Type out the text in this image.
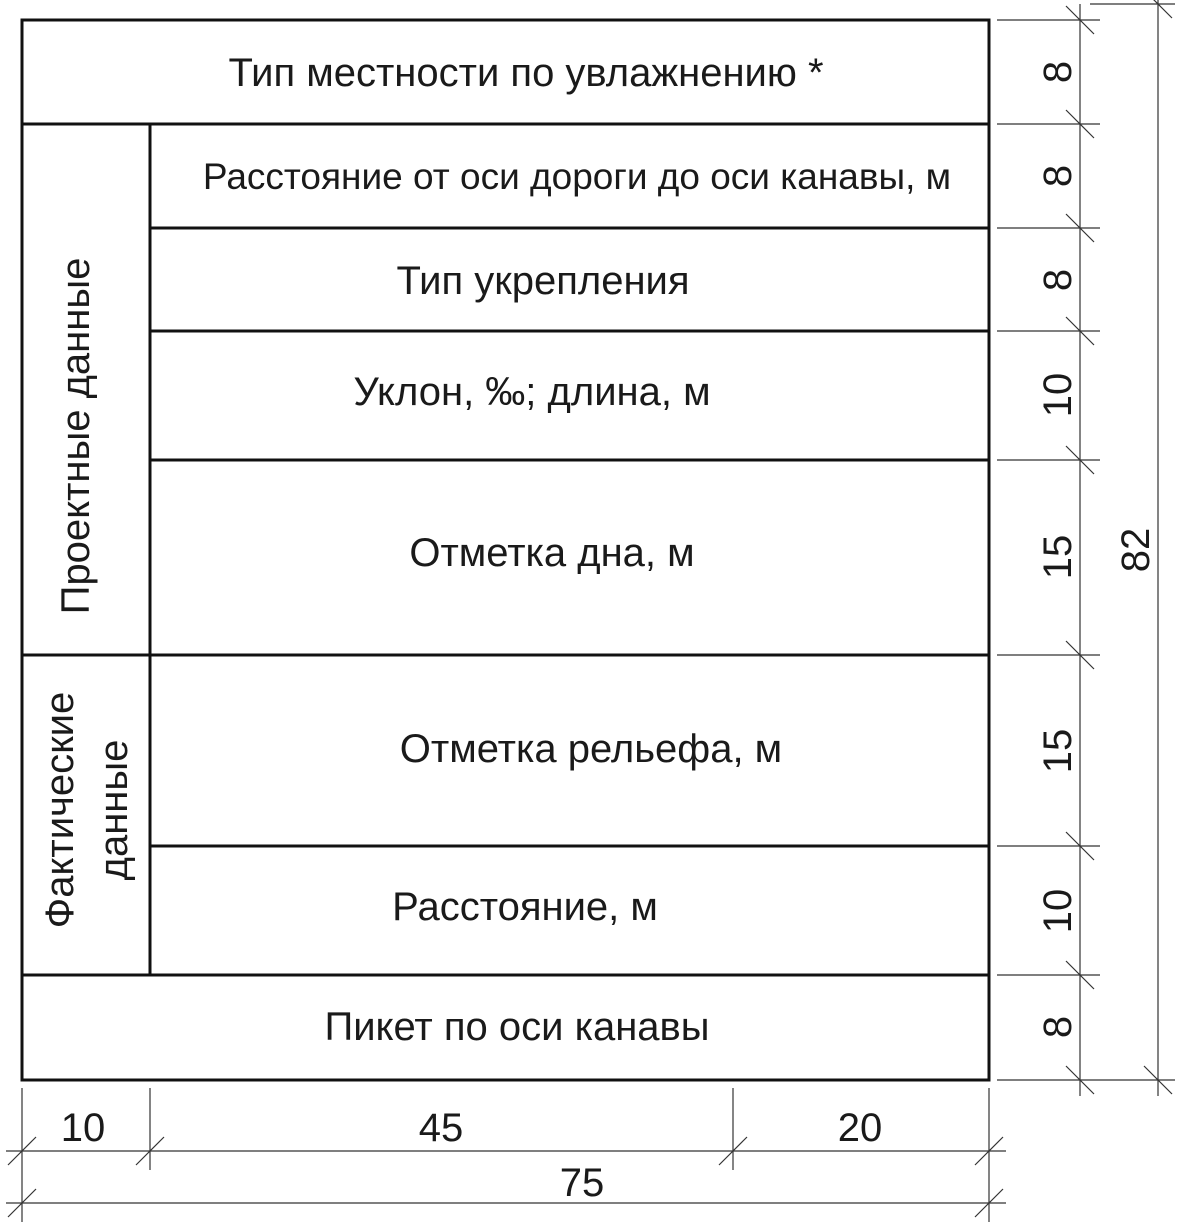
Тип местности по увлажнению *
Расстояние от оси дороги до оси канавы, м
Тип укрепления
Уклон, ‰; длина, м
Отметка дна, м
Отметка рельефа, м
Расстояние, м
Пикет по оси канавы
Проектные данные
Фактические данные
8
8
8
10
15
15
10
8
82
10	45	20
75
